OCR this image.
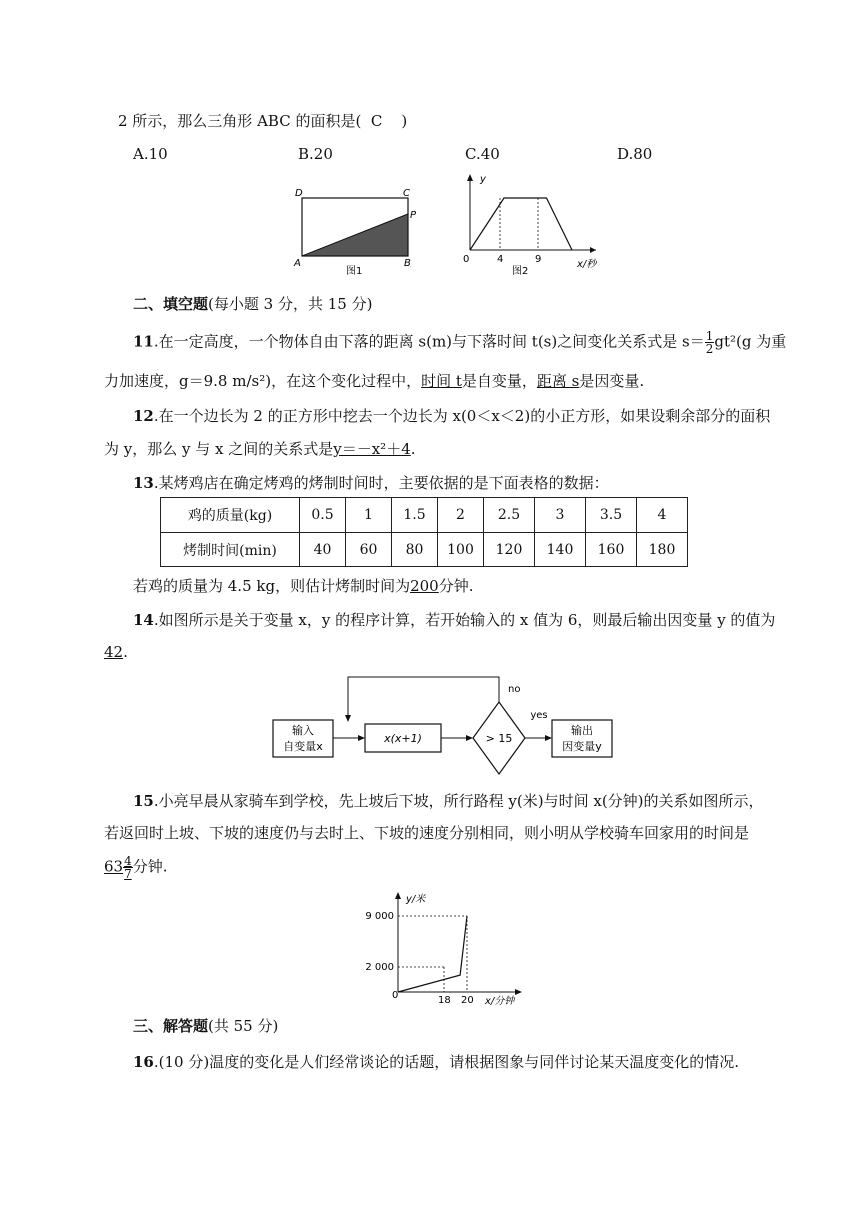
2 所示，那么三角形 ABC 的面积是( C )
A.10	B.20	C.40	D.80
D	C
P
A	B
图1
y
0	4	9	x/秒
图2
二、填空题(每小题 3 分，共 15 分)
11.在一定高度，一个物体自由下落的距离 s(m)与下落时间 t(s)之间变化关系式是 $s= \frac{1}{2} gt^2(g$ 为重
力加速度，g＝9.8 m/s²)，在这个变化过程中，时间 t是自变量，距离 s是因变量.
12.在一个边长为 2 的正方形中挖去一个边长为 x(0＜x＜2)的小正方形，如果设剩余部分的面积
为 y，那么 y 与 x 之间的关系式是y＝－x²＋4.
13.某烤鸡店在确定烤鸡的烤制时间时，主要依据的是下面表格的数据：
鸡的质量(kg)	0.5	1	1.5	2	2.5	3	3.5	4
烤制时间(min)	40	60	80	100	120	140	160	180
若鸡的质量为 4.5 kg，则估计烤制时间为200分钟.
14.如图所示是关于变量 x，y 的程序计算，若开始输入的 x 值为 6，则最后输出因变量 y 的值为
42.
输入
自变量x
x(x+1)	> 15
yes
输出
因变量y
no
15.小亮早晨从家骑车到学校，先上坡后下坡，所行路程 y(米)与时间 x(分钟)的关系如图所示，
若返回时上坡、下坡的速度仍与去时上、下坡的速度分别相同，则小明从学校骑车回家用的时间是
$63 \frac{4}{7}$ 分钟.
y/米
9 000
2 000
0	18 20 x/分钟
三、解答题(共 55 分)
16.(10 分)温度的变化是人们经常谈论的话题，请根据图象与同伴讨论某天温度变化的情况.
